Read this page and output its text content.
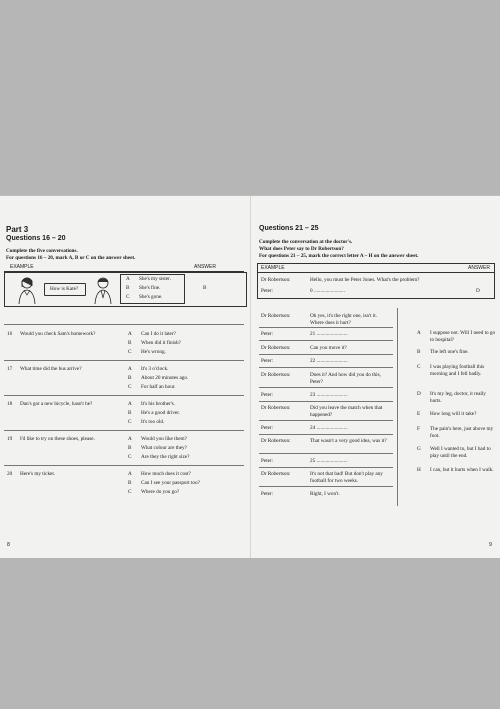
Part 3
Questions 16 – 20
Complete the five conversations.
For questions 16 – 20, mark A, B or C on the answer sheet.
EXAMPLE	ANSWER
How is Kate?
A She's my sister.
B She's fine.
C She's gone.
B
16 Would you check Sam's homework?	A Can I do it later?
B When did it finish?
C He's wrong.
17 What time did the bus arrive?	A It's 3 o'clock.
B About 20 minutes ago.
C For half an hour.
18 Dan's got a new bicycle, hasn't he?	A It's his brother's.
B He's a good driver.
C It's too old.
19 I'd like to try on these shoes, please.	A Would you like them?
B What colour are they?
C Are they the right size?
20 Here's my ticket.	A How much does it cost?
B Can I see your passport too?
C Where do you go?
8
Questions 21 – 25
Complete the conversation at the doctor's.
What does Peter say to Dr Robertson?
For questions 21 – 25, mark the correct letter A – H on the answer sheet.
EXAMPLE	ANSWER
Dr Robertson:	Hello, you must be Peter Jones. What's the problem?
Peter:	0 ........................	D
Dr Robertson:	Oh yes, it's the right one, isn't it. Where does it hurt?
Peter:	21 ........................
Dr Robertson:	Can you move it?
Peter:	22 ........................
Dr Robertson:	Does it? And how did you do this, Peter?
Peter:	23 ........................
Dr Robertson:	Did you leave the match when that happened?
Peter:	24 ........................
Dr Robertson:	That wasn't a very good idea, was it?
Peter:	25 ........................
Dr Robertson:	It's not that bad! But don't play any football for two weeks.
Peter:	Right, I won't.
A I suppose not. Will I need to go to hospital?
B The left one's fine.
C I was playing football this morning and I fell badly.
D It's my leg, doctor, it really hurts.
E How long will it take?
F The pain's here, just above my foot.
G Well I wanted to, but I had to play until the end.
H I can, but it hurts when I walk.
9
